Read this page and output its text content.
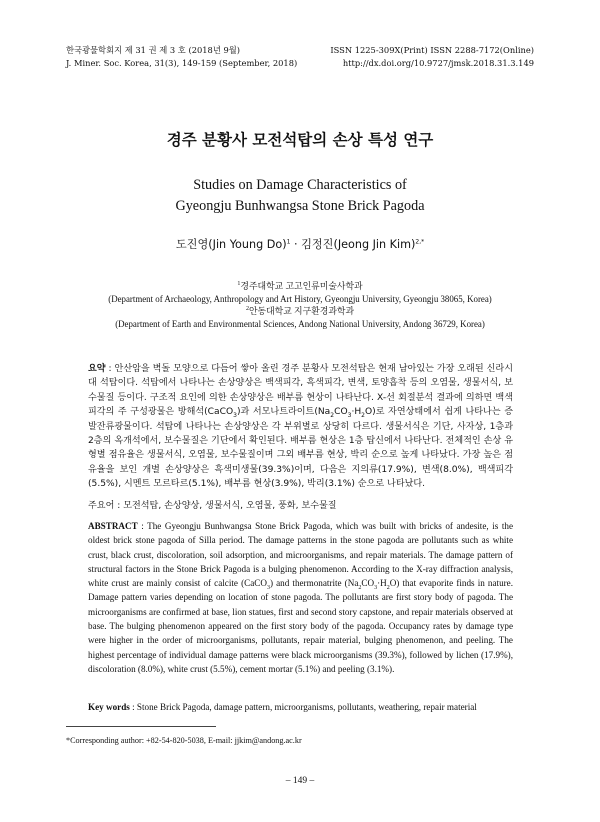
한국광물학회지 제 31 권 제 3 호 (2018년 9월)
J. Miner. Soc. Korea, 31(3), 149-159 (September, 2018)
ISSN 1225-309X(Print) ISSN 2288-7172(Online)
http://dx.doi.org/10.9727/jmsk.2018.31.3.149
경주 분황사 모전석탑의 손상 특성 연구
Studies on Damage Characteristics of
Gyeongju Bunhwangsa Stone Brick Pagoda
도진영(Jin Young Do)$^1$ · 김정진(Jeong Jin Kim)$^{2,*}$
$^1$경주대학교 고고인류미술사학과
(Department of Archaeology, Anthropology and Art History, Gyeongju University, Gyeongju 38065, Korea)
$^2$안동대학교 지구환경과학과
(Department of Earth and Environmental Sciences, Andong National University, Andong 36729, Korea)
요약 : 안산암을 벽돌 모양으로 다듬어 쌓아 올린 경주 분황사 모전석탑은 현재 남아있는 가장 오래된 신라시대 석탑이다. 석탑에서 나타나는 손상양상은 백색피각, 흑색피각, 변색, 토양흡착 등의 오염물, 생물서식, 보수물질 등이다. 구조적 요인에 의한 손상양상은 배부름 현상이 나타난다. X-선 회절분석 결과에 의하면 백색피각의 주 구성광물은 방해석(CaCO$_3$)과 서모나트라이트$(Na_2CO_3\cdot H_2O)$로 자연상태에서 쉽게 나타나는 증발잔류광물이다. 석탑에 나타나는 손상양상은 각 부위별로 상당히 다르다. 생물서식은 기단, 사자상, 1층과 2층의 옥개석에서, 보수물질은 기단에서 확인된다. 배부름 현상은 1층 탑신에서 나타난다. 전체적인 손상 유형별 점유율은 생물서식, 오염물, 보수물질이며 그외 배부름 현상, 박리 순으로 높게 나타났다. 가장 높은 점유율을 보인 개별 손상양상은 흑색미생물(39.3%)이며, 다음은 지의류(17.9%), 변색(8.0%), 백색피각(5.5%), 시멘트 모르타르(5.1%), 배부름 현상(3.9%), 박리(3.1%) 순으로 나타났다.
주요어 : 모전석탑, 손상양상, 생물서식, 오염물, 풍화, 보수물질
ABSTRACT : The Gyeongju Bunhwangsa Stone Brick Pagoda, which was built with bricks of andesite, is the oldest brick stone pagoda of Silla period. The damage patterns in the stone pagoda are pollutants such as white crust, black crust, discoloration, soil adsorption, and microorganisms, and repair materials. The damage pattern of structural factors in the Stone Brick Pagoda is a bulging phenomenon. According to the X-ray diffraction analysis, white crust are mainly consist of calcite (CaCO$_3$) and thermonatrite $(Na_2CO_3\cdot H_2O)$ that evaporite finds in nature. Damage pattern varies depending on location of stone pagoda. The pollutants are first story body of pagoda. The microorganisms are confirmed at base, lion statues, first and second story capstone, and repair materials observed at base. The bulging phenomenon appeared on the first story body of the pagoda. Occupancy rates by damage type were higher in the order of microorganisms, pollutants, repair material, bulging phenomenon, and peeling. The highest percentage of individual damage patterns were black microorganisms (39.3%), followed by lichen (17.9%), discoloration (8.0%), white crust (5.5%), cement mortar (5.1%) and peeling (3.1%).
Key words : Stone Brick Pagoda, damage pattern, microorganisms, pollutants, weathering, repair material
*Corresponding author: +82-54-820-5038, E-mail: jjkim@andong.ac.kr
– 149 –
